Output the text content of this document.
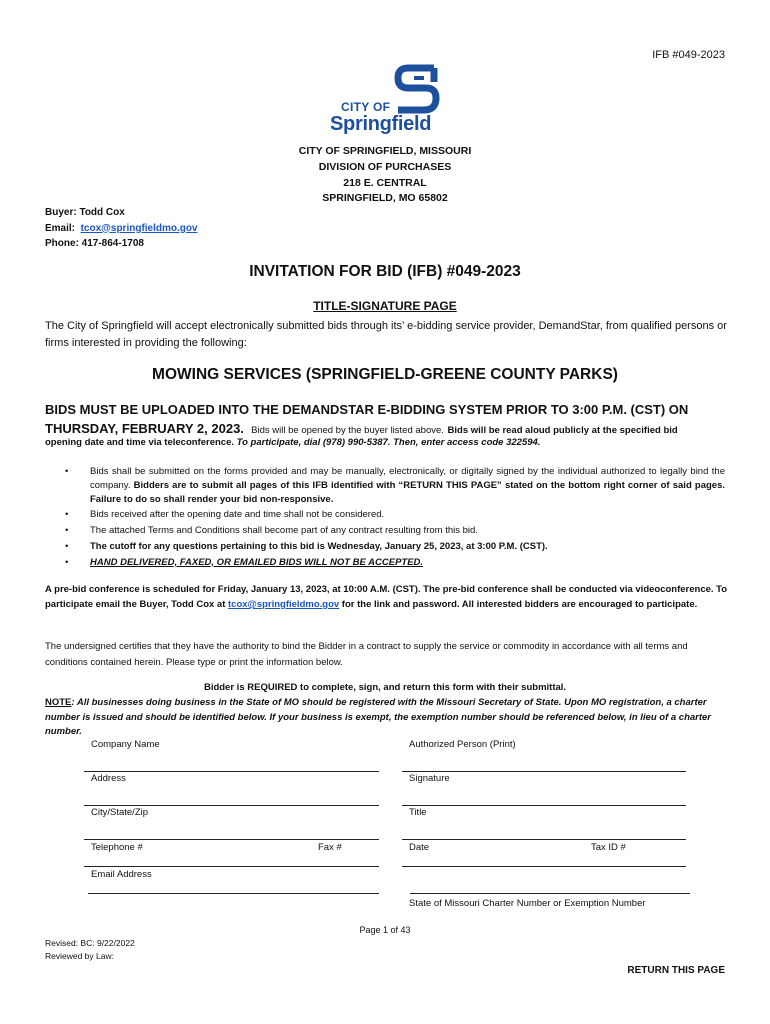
IFB #049-2023
CITY OF
Springfield
CITY OF SPRINGFIELD, MISSOURI
DIVISION OF PURCHASES
218 E. CENTRAL
SPRINGFIELD, MO 65802
Buyer: Todd Cox
Email: tcox@springfieldmo.gov
Phone: 417-864-1708
INVITATION FOR BID (IFB) #049-2023
TITLE-SIGNATURE PAGE
The City of Springfield will accept electronically submitted bids through its’ e-bidding service provider, DemandStar, from qualified persons or firms interested in providing the following:
MOWING SERVICES (SPRINGFIELD-GREENE COUNTY PARKS)
BIDS MUST BE UPLOADED INTO THE DEMANDSTAR E-BIDDING SYSTEM PRIOR TO 3:00 P.M. (CST) ON THURSDAY, FEBRUARY 2, 2023. Bids will be opened by the buyer listed above. Bids will be read aloud publicly at the specified bid
opening date and time via teleconference. To participate, dial (978) 990-5387. Then, enter access code 322594.
• Bids shall be submitted on the forms provided and may be manually, electronically, or digitally signed by the individual authorized to legally bind the company. Bidders are to submit all pages of this IFB identified with “RETURN THIS PAGE” stated on the bottom right corner of said pages. Failure to do so shall render your bid non-responsive.
• Bids received after the opening date and time shall not be considered.
• The attached Terms and Conditions shall become part of any contract resulting from this bid.
• The cutoff for any questions pertaining to this bid is Wednesday, January 25, 2023, at 3:00 P.M. (CST).
• HAND DELIVERED, FAXED, OR EMAILED BIDS WILL NOT BE ACCEPTED.
A pre-bid conference is scheduled for Friday, January 13, 2023, at 10:00 A.M. (CST). The pre-bid conference shall be conducted via videoconference. To participate email the Buyer, Todd Cox at tcox@springfieldmo.gov for the link and password. All interested bidders are encouraged to participate.
The undersigned certifies that they have the authority to bind the Bidder in a contract to supply the service or commodity in accordance with all terms and conditions contained herein. Please type or print the information below.
Bidder is REQUIRED to complete, sign, and return this form with their submittal.
NOTE: All businesses doing business in the State of MO should be registered with the Missouri Secretary of State. Upon MO registration, a charter number is issued and should be identified below. If your business is exempt, the exemption number should be referenced below, in lieu of a charter number.
Company Name	Authorized Person (Print)
Address	Signature
City/State/Zip	Title
Telephone #	Fax #	Date	Tax ID #
Email Address
State of Missouri Charter Number or Exemption Number
Page 1 of 43
Revised: BC: 9/22/2022
Reviewed by Law:
RETURN THIS PAGE
